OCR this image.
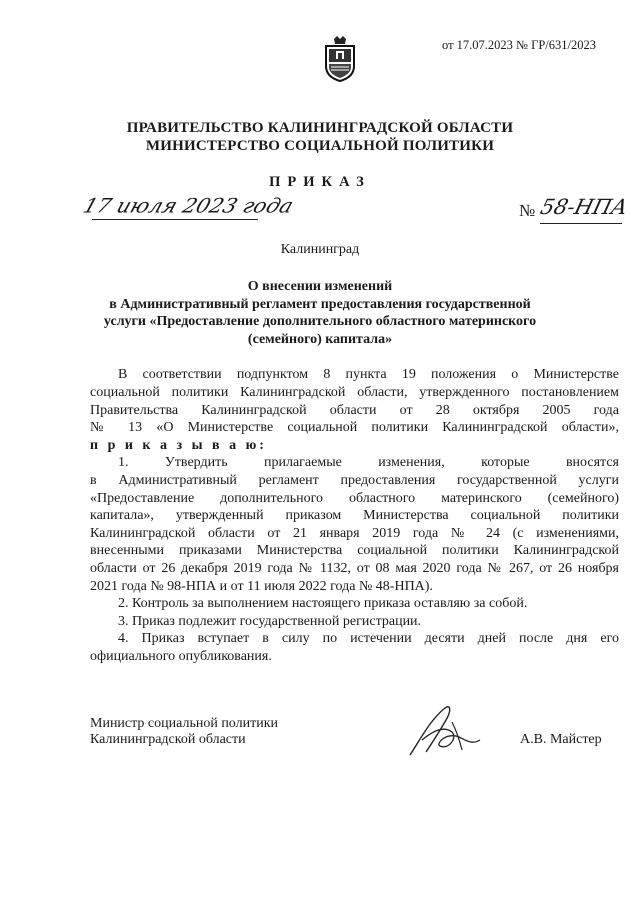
от 17.07.2023 № ГР/631/2023
ПРАВИТЕЛЬСТВО КАЛИНИНГРАДСКОЙ ОБЛАСТИ
МИНИСТЕРСТВО СОЦИАЛЬНОЙ ПОЛИТИКИ
ПРИКАЗ
17 июля 2023 года	№ 58-НПА
Калининград
О внесении изменений
в Административный регламент предоставления государственной
услуги «Предоставление дополнительного областного материнского
(семейного) капитала»
В соответствии подпунктом 8 пункта 19 положения о Министерстве
социальной политики Калининградской области, утвержденного постановлением
Правительства Калининградской области от 28 октября 2005 года
№ 13 «О Министерстве социальной политики Калининградской области»,
п р и к а з ы в а ю:
1. Утвердить прилагаемые изменения, которые вносятся
в Административный регламент предоставления государственной услуги
«Предоставление дополнительного областного материнского (семейного)
капитала», утвержденный приказом Министерства социальной политики
Калининградской области от 21 января 2019 года № 24 (с изменениями,
внесенными приказами Министерства социальной политики Калининградской
области от 26 декабря 2019 года № 1132, от 08 мая 2020 года № 267, от 26 ноября
2021 года № 98-НПА и от 11 июля 2022 года № 48-НПА).
2. Контроль за выполнением настоящего приказа оставляю за собой.
3. Приказ подлежит государственной регистрации.
4. Приказ вступает в силу по истечении десяти дней после дня его
официального опубликования.
Министр социальной политики
Калининградской области	А.В. Майстер
